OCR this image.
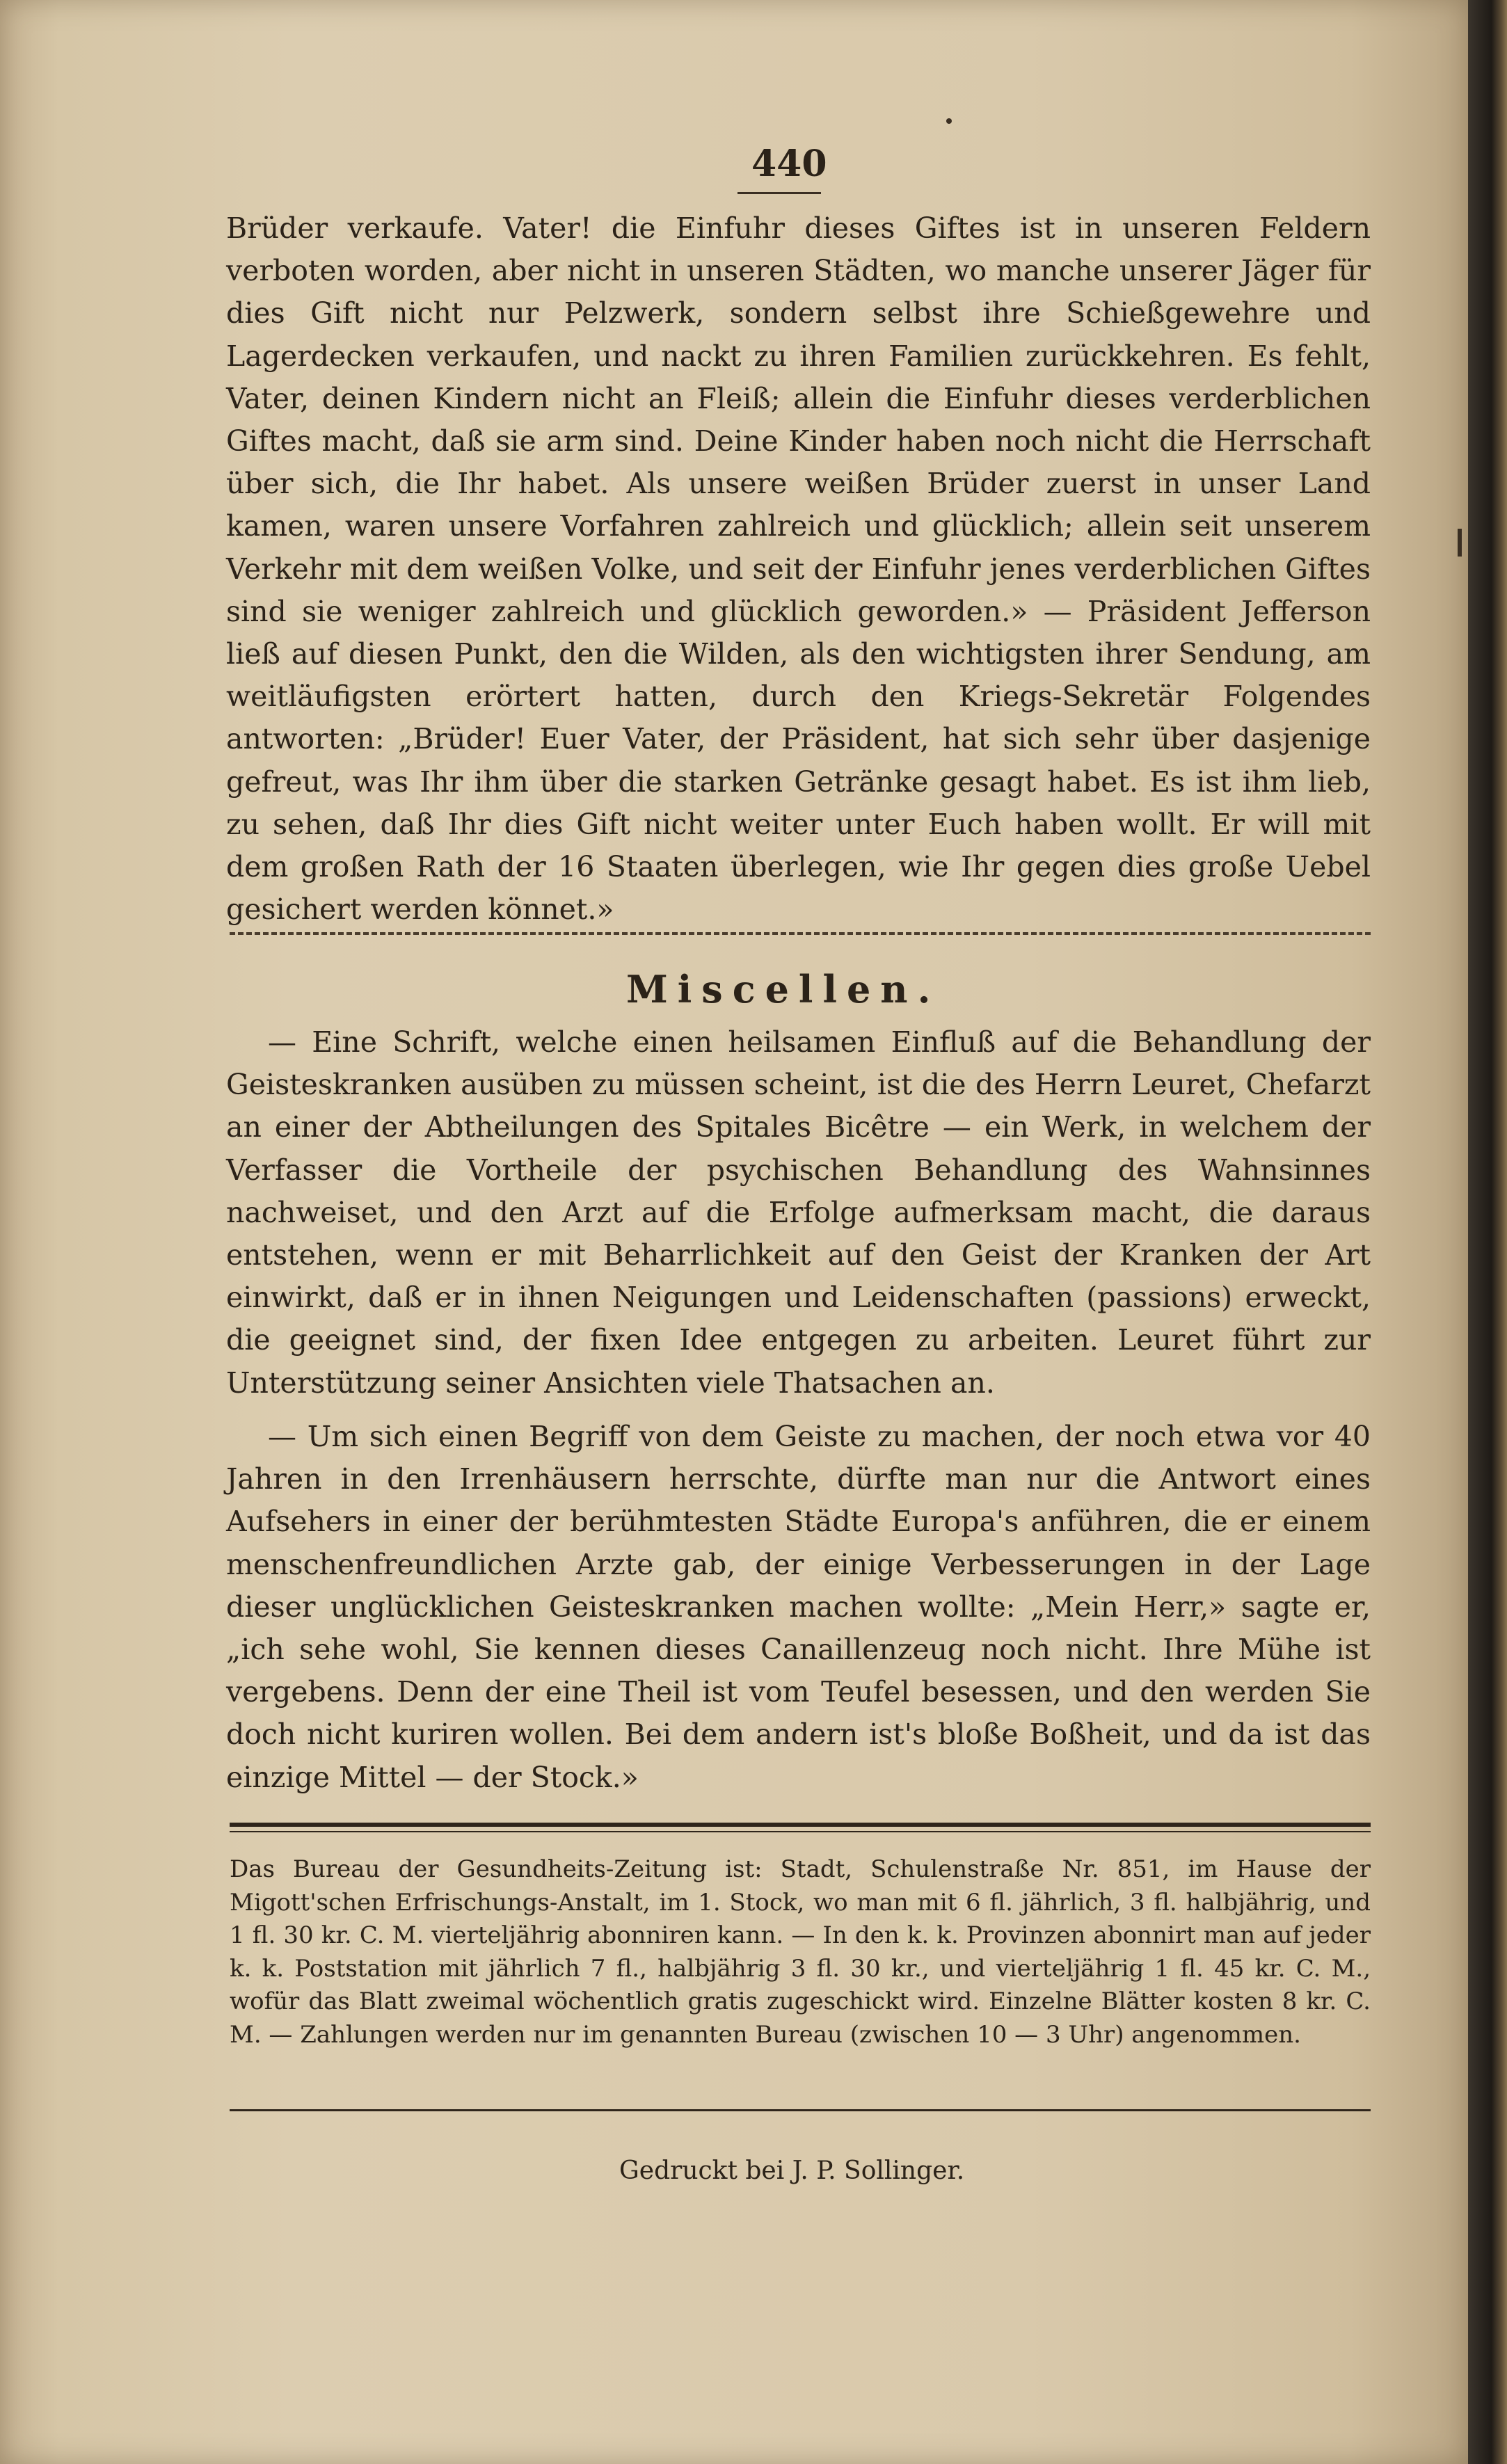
440

Brüder verkaufe. Vater! die Einfuhr dieses Giftes ist in unseren Feldern verboten worden, aber nicht in unseren Städten, wo manche unserer Jäger für dies Gift nicht nur Pelzwerk, sondern selbst ihre Schießgewehre und Lagerdecken verkaufen, und nackt zu ihren Familien zurückkehren. Es fehlt, Vater, deinen Kindern nicht an Fleiß; allein die Einfuhr dieses verderblichen Giftes macht, daß sie arm sind. Deine Kinder haben noch nicht die Herrschaft über sich, die Ihr habet. Als unsere weißen Brüder zuerst in unser Land kamen, waren unsere Vorfahren zahlreich und glücklich; allein seit unserem Verkehr mit dem weißen Volke, und seit der Einfuhr jenes verderblichen Giftes sind sie weniger zahlreich und glücklich geworden.» — Präsident Jefferson ließ auf diesen Punkt, den die Wilden, als den wichtigsten ihrer Sendung, am weitläufigsten erörtert hatten, durch den Kriegs-Sekretär Folgendes antworten: „Brüder! Euer Vater, der Präsident, hat sich sehr über dasjenige gefreut, was Ihr ihm über die starken Getränke gesagt habet. Es ist ihm lieb, zu sehen, daß Ihr dies Gift nicht weiter unter Euch haben wollt. Er will mit dem großen Rath der 16 Staaten überlegen, wie Ihr gegen dies große Uebel gesichert werden könnet.»

Miscellen.

— Eine Schrift, welche einen heilsamen Einfluß auf die Behandlung der Geisteskranken ausüben zu müssen scheint, ist die des Herrn Leuret, Chefarzt an einer der Abtheilungen des Spitales Bicêtre — ein Werk, in welchem der Verfasser die Vortheile der psychischen Behandlung des Wahnsinnes nachweiset, und den Arzt auf die Erfolge aufmerksam macht, die daraus entstehen, wenn er mit Beharrlichkeit auf den Geist der Kranken der Art einwirkt, daß er in ihnen Neigungen und Leidenschaften (passions) erweckt, die geeignet sind, der fixen Idee entgegen zu arbeiten. Leuret führt zur Unterstützung seiner Ansichten viele Thatsachen an.

— Um sich einen Begriff von dem Geiste zu machen, der noch etwa vor 40 Jahren in den Irrenhäusern herrschte, dürfte man nur die Antwort eines Aufsehers in einer der berühmtesten Städte Europa's anführen, die er einem menschenfreundlichen Arzte gab, der einige Verbesserungen in der Lage dieser unglücklichen Geisteskranken machen wollte: „Mein Herr,» sagte er, „ich sehe wohl, Sie kennen dieses Canaillenzeug noch nicht. Ihre Mühe ist vergebens. Denn der eine Theil ist vom Teufel besessen, und den werden Sie doch nicht kuriren wollen. Bei dem andern ist's bloße Boßheit, und da ist das einzige Mittel — der Stock.»

Das Bureau der Gesundheits-Zeitung ist: Stadt, Schulenstraße Nr. 851, im Hause der Migott'schen Erfrischungs-Anstalt, im 1. Stock, wo man mit 6 fl. jährlich, 3 fl. halbjährig, und 1 fl. 30 kr. C. M. vierteljährig abonniren kann. — In den k. k. Provinzen abonnirt man auf jeder k. k. Poststation mit jährlich 7 fl., halbjährig 3 fl. 30 kr., und vierteljährig 1 fl. 45 kr. C. M., wofür das Blatt zweimal wöchentlich gratis zugeschickt wird. Einzelne Blätter kosten 8 kr. C. M. — Zahlungen werden nur im genannten Bureau (zwischen 10 — 3 Uhr) angenommen.

Gedruckt bei J. P. Sollinger.
